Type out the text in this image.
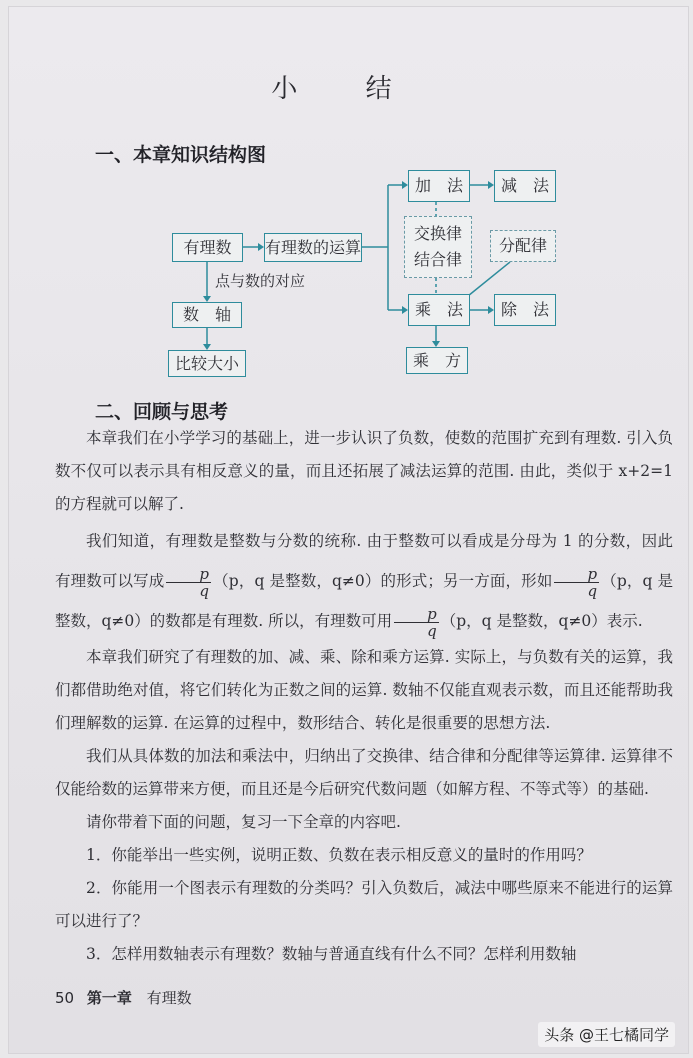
小 结
一、本章知识结构图
有理数	有理数的运算
点与数的对应
数　轴
比较大小
加　法	减　法
交换律
结合律
分配律
乘　法	除　法
乘　方
二、回顾与思考

本章我们在小学学习的基础上，进一步认识了负数，使数的范围扩充到有理数. 引入负数不仅可以表示具有相反意义的量，而且还拓展了减法运算的范围. 由此，类似于 x+2=1 的方程就可以解了.

我们知道，有理数是整数与分数的统称. 由于整数可以看成是分母为 1 的分数，因此有理数可以写成 $\frac{p}{q} (p$，q 是整数，q≠0）的形式；另一方面，形如 $\frac{p}{q} (p$，q 是整数，q≠0）的数都是有理数. 所以，有理数可用 $\frac{p}{q} (p$，q 是整数，q≠0）表示.

本章我们研究了有理数的加、减、乘、除和乘方运算. 实际上，与负数有关的运算，我们都借助绝对值，将它们转化为正数之间的运算. 数轴不仅能直观表示数，而且还能帮助我们理解数的运算. 在运算的过程中，数形结合、转化是很重要的思想方法.

我们从具体数的加法和乘法中，归纳出了交换律、结合律和分配律等运算律. 运算律不仅能给数的运算带来方便，而且还是今后研究代数问题（如解方程、不等式等）的基础.

请你带着下面的问题，复习一下全章的内容吧.

1．你能举出一些实例，说明正数、负数在表示相反意义的量时的作用吗？

2．你能用一个图表示有理数的分类吗？引入负数后，减法中哪些原来不能进行的运算可以进行了？

3．怎样用数轴表示有理数？数轴与普通直线有什么不同？怎样利用数轴

50 第一章 有理数
头条 @王七橘同学
